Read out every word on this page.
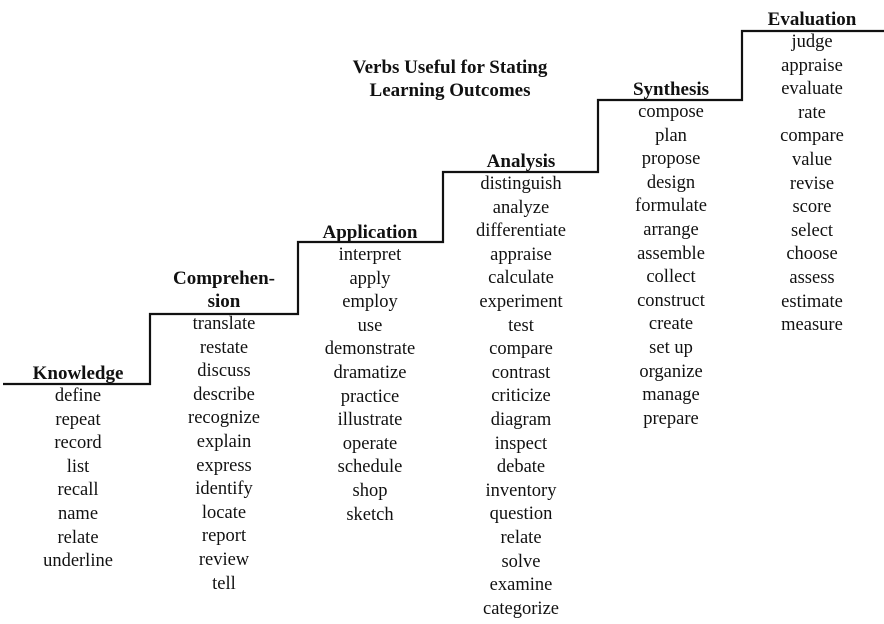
Verbs Useful for Stating
Learning Outcomes
Knowledge
define
repeat
record
list
recall
name
relate
underline
Comprehen-
sion
translate
restate
discuss
describe
recognize
explain
express
identify
locate
report
review
tell
Application
interpret
apply
employ
use
demonstrate
dramatize
practice
illustrate
operate
schedule
shop
sketch
Analysis
distinguish
analyze
differentiate
appraise
calculate
experiment
test
compare
contrast
criticize
diagram
inspect
debate
inventory
question
relate
solve
examine
categorize
Synthesis
compose
plan
propose
design
formulate
arrange
assemble
collect
construct
create
set up
organize
manage
prepare
Evaluation
judge
appraise
evaluate
rate
compare
value
revise
score
select
choose
assess
estimate
measure
